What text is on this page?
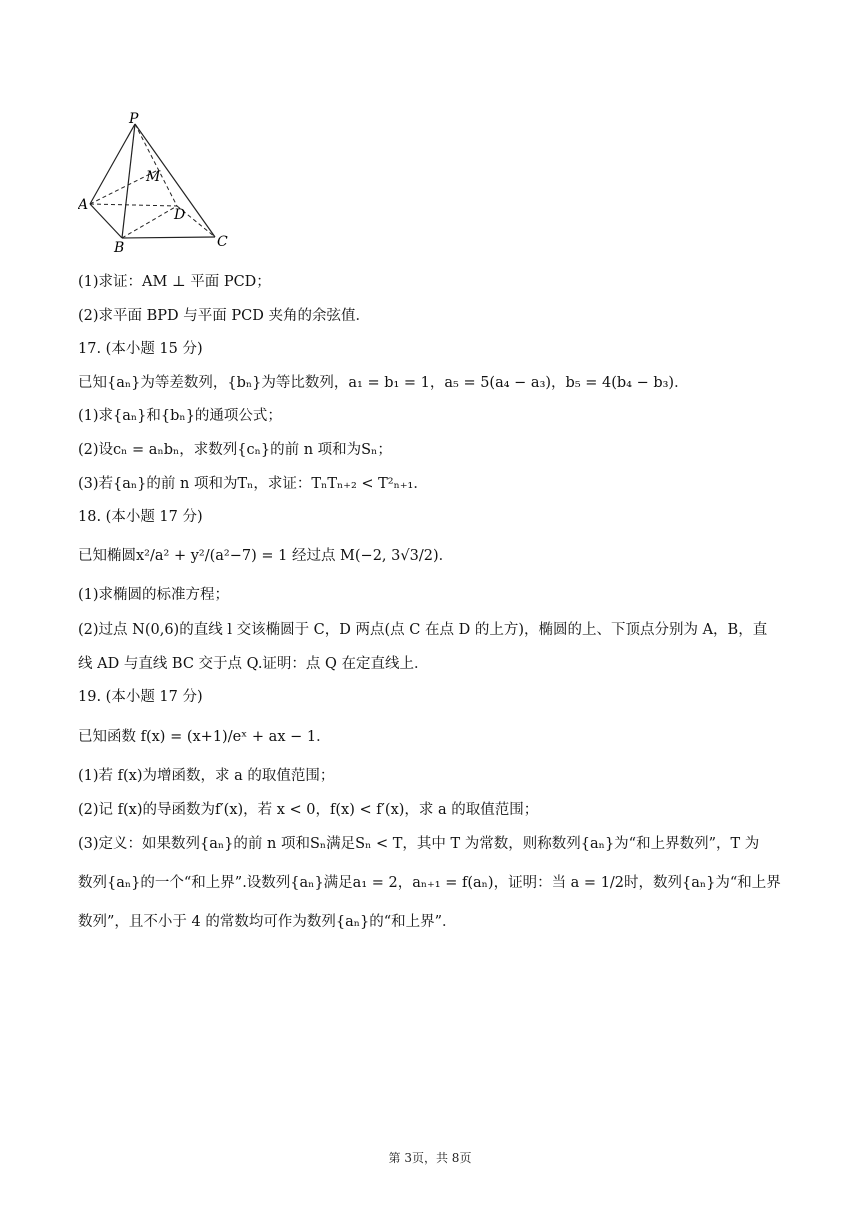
P
M
A
D
B	C
(1)求证：AM ⊥ 平面 PCD；
(2)求平面 BPD 与平面 PCD 夹角的余弦值．
17. (本小题 15 分)
已知{aₙ}为等差数列，{bₙ}为等比数列，a₁ = b₁ = 1，a₅ = 5(a₄ − a₃)，b₅ = 4(b₄ − b₃)．
(1)求{aₙ}和{bₙ}的通项公式；
(2)设cₙ = aₙbₙ，求数列{cₙ}的前 n 项和为Sₙ；
(3)若{aₙ}的前 n 项和为Tₙ，求证：TₙTₙ₊₂ < T²ₙ₊₁．
18. (本小题 17 分)
已知椭圆x²/a² + y²/(a²−7) = 1 经过点 M(−2, 3√3/2)．
(1)求椭圆的标准方程；
(2)过点 N(0,6)的直线 l 交该椭圆于 C，D 两点(点 C 在点 D 的上方)，椭圆的上、下顶点分别为 A，B，直
线 AD 与直线 BC 交于点 Q.证明：点 Q 在定直线上．
19. (本小题 17 分)
已知函数 f(x) = (x+1)/eˣ + ax − 1．
(1)若 f(x)为增函数，求 a 的取值范围；
(2)记 f(x)的导函数为f′(x)，若 x < 0，f(x) < f′(x)，求 a 的取值范围；
(3)定义：如果数列{aₙ}的前 n 项和Sₙ满足Sₙ < T，其中 T 为常数，则称数列{aₙ}为“和上界数列”，T 为
数列{aₙ}的一个“和上界”.设数列{aₙ}满足a₁ = 2，aₙ₊₁ = f(aₙ)，证明：当 a = 1/2时，数列{aₙ}为“和上界
数列”，且不小于 4 的常数均可作为数列{aₙ}的“和上界”．
第 3页，共 8页
